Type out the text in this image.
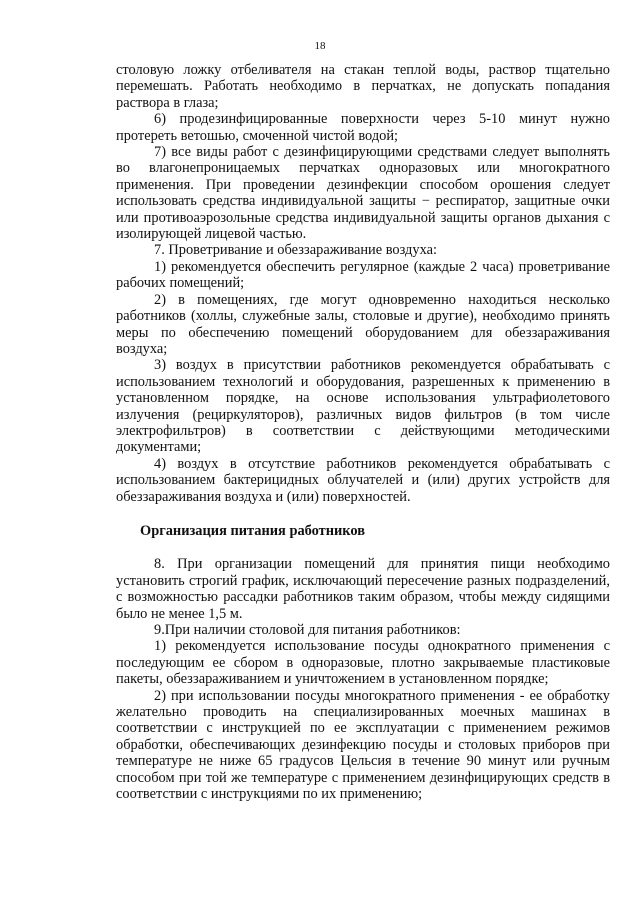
18

столовую ложку отбеливателя на стакан теплой воды, раствор тщательно перемешать. Работать необходимо в перчатках, не допускать попадания раствора в глаза;

6) продезинфицированные поверхности через 5-10 минут нужно протереть ветошью, смоченной чистой водой;

7) все виды работ с дезинфицирующими средствами следует выполнять во влагонепроницаемых перчатках одноразовых или многократного применения. При проведении дезинфекции способом орошения следует использовать средства индивидуальной защиты − респиратор, защитные очки или противоаэрозольные средства индивидуальной защиты органов дыхания с изолирующей лицевой частью.

7. Проветривание и обеззараживание воздуха:

1) рекомендуется обеспечить регулярное (каждые 2 часа) проветривание рабочих помещений;

2) в помещениях, где могут одновременно находиться несколько работников (холлы, служебные залы, столовые и другие), необходимо принять меры по обеспечению помещений оборудованием для обеззараживания воздуха;

3) воздух в присутствии работников рекомендуется обрабатывать с использованием технологий и оборудования, разрешенных к применению в установленном порядке, на основе использования ультрафиолетового излучения (рециркуляторов), различных видов фильтров (в том числе электрофильтров) в соответствии с действующими методическими документами;

4) воздух в отсутствие работников рекомендуется обрабатывать с использованием бактерицидных облучателей и (или) других устройств для обеззараживания воздуха и (или) поверхностей.

Организация питания работников

8. При организации помещений для принятия пищи необходимо установить строгий график, исключающий пересечение разных подразделений, с возможностью рассадки работников таким образом, чтобы между сидящими было не менее 1,5 м.

9.При наличии столовой для питания работников:

1) рекомендуется использование посуды однократного применения с последующим ее сбором в одноразовые, плотно закрываемые пластиковые пакеты, обеззараживанием и уничтожением в установленном порядке;

2) при использовании посуды многократного применения - ее обработку желательно проводить на специализированных моечных машинах в соответствии с инструкцией по ее эксплуатации с применением режимов обработки, обеспечивающих дезинфекцию посуды и столовых приборов при температуре не ниже 65 градусов Цельсия в течение 90 минут или ручным способом при той же температуре с применением дезинфицирующих средств в соответствии с инструкциями по их применению;
